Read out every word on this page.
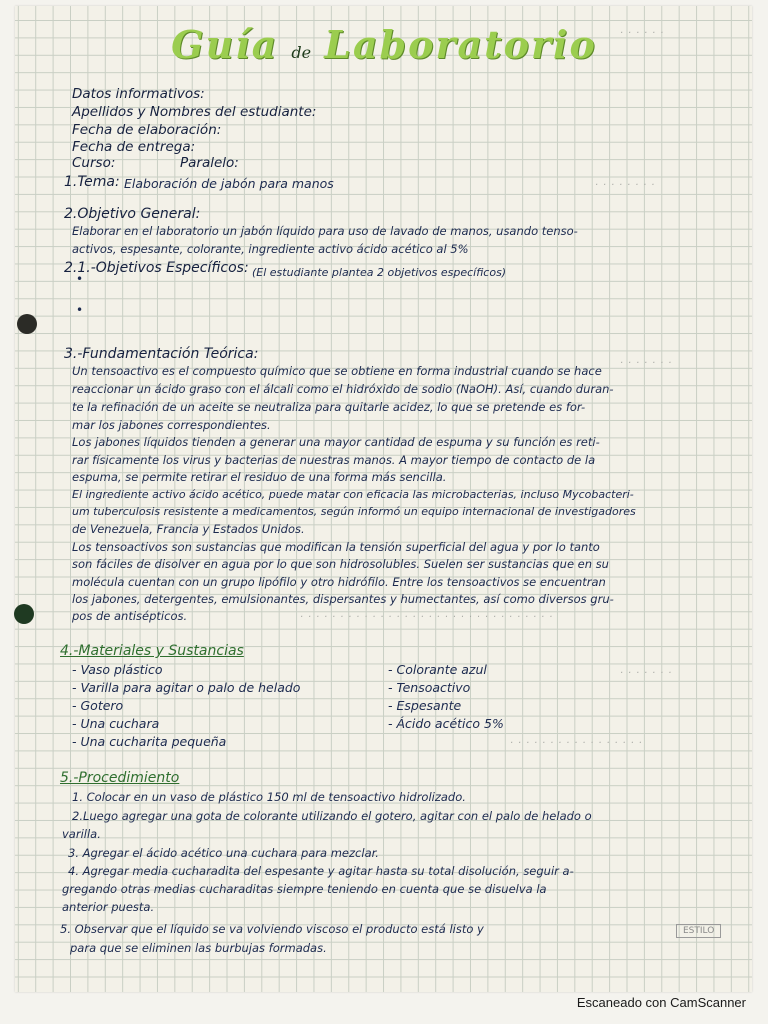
· · · · · · · ·
· · · · · ·
· · · · · · ·
· · · · · · · · · · · · · · · · · · · · · · · · · · · · · · · ·
· · · · · · ·
· · · · · · · · · · · · · · · · ·
Guía de Laboratorio
Datos informativos:
Apellidos y Nombres del estudiante:
Fecha de elaboración:
Fecha de entrega:
Curso:	Paralelo:
1.Tema: Elaboración de jabón para manos
2.Objetivo General:
Elaborar en el laboratorio un jabón líquido para uso de lavado de manos, usando tenso-
activos, espesante, colorante, ingrediente activo ácido acético al 5%
2.1.-Objetivos Específicos: (El estudiante plantea 2 objetivos específicos)
•
•
3.-Fundamentación Teórica:
Un tensoactivo es el compuesto químico que se obtiene en forma industrial cuando se hace
reaccionar un ácido graso con el álcali como el hidróxido de sodio (NaOH). Así, cuando duran-
te la refinación de un aceite se neutraliza para quitarle acidez, lo que se pretende es for-
mar los jabones correspondientes.
Los jabones líquidos tienden a generar una mayor cantidad de espuma y su función es reti-
rar físicamente los virus y bacterias de nuestras manos. A mayor tiempo de contacto de la
espuma, se permite retirar el residuo de una forma más sencilla.
El ingrediente activo ácido acético, puede matar con eficacia las microbacterias, incluso Mycobacteri-
um tuberculosis resistente a medicamentos, según informó un equipo internacional de investigadores
de Venezuela, Francia y Estados Unidos.
Los tensoactivos son sustancias que modifican la tensión superficial del agua y por lo tanto
son fáciles de disolver en agua por lo que son hidrosolubles. Suelen ser sustancias que en su
molécula cuentan con un grupo lipófilo y otro hidrófilo. Entre los tensoactivos se encuentran
los jabones, detergentes, emulsionantes, dispersantes y humectantes, así como diversos gru-
pos de antisépticos.
4.-Materiales y Sustancias
- Vaso plástico
- Varilla para agitar o palo de helado
- Gotero
- Una cuchara
- Una cucharita pequeña
- Colorante azul
- Tensoactivo
- Espesante
- Ácido acético 5%
5.-Procedimiento
1. Colocar en un vaso de plástico 150 ml de tensoactivo hidrolizado.
2.Luego agregar una gota de colorante utilizando el gotero, agitar con el palo de helado o
varilla.
3. Agregar el ácido acético una cuchara para mezclar.
4. Agregar media cucharadita del espesante y agitar hasta su total disolución, seguir a-
gregando otras medias cucharaditas siempre teniendo en cuenta que se disuelva la
anterior puesta.
5. Observar que el líquido se va volviendo viscoso el producto está listo y
para que se eliminen las burbujas formadas.
ESTILO
Escaneado con CamScanner
